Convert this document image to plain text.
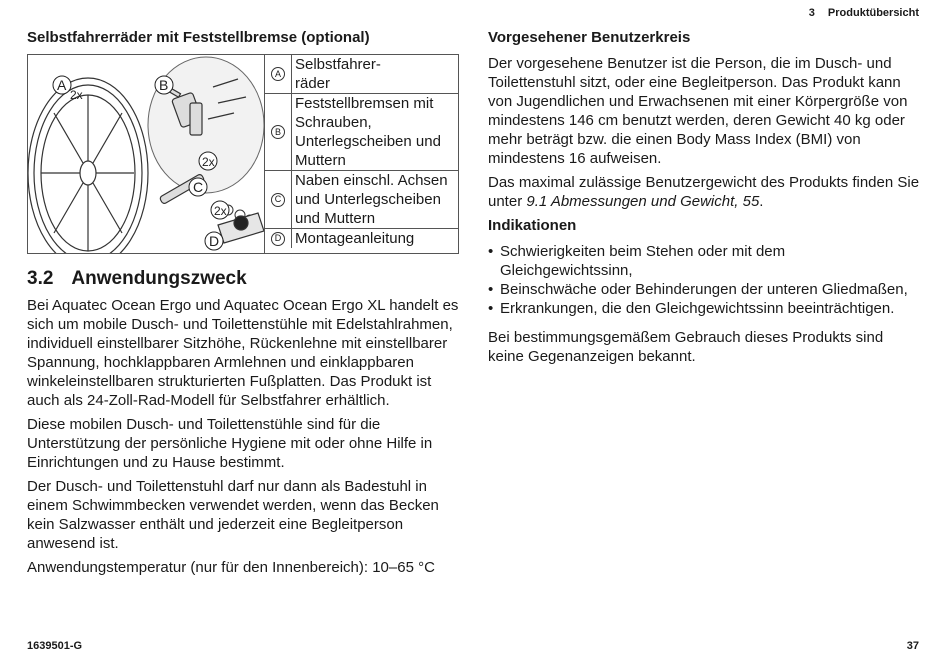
3 Produktübersicht
Selbstfahrerräder mit Feststellbremse (optional)
A
2x
B
2x
C
2x
D
A
Selbstfahrer-
räder
B
Feststellbremsen mit Schrauben, Unterlegscheiben und Muttern
C
Naben einschl. Achsen und Unterlegscheiben und Muttern
D Montageanleitung
3.2 Anwendungszweck

Bei Aquatec Ocean Ergo und Aquatec Ocean Ergo XL handelt es sich um mobile Dusch- und Toilettenstühle mit Edelstahlrahmen, individuell einstellbarer Sitzhöhe, Rückenlehne mit einstellbarer Spannung, hochklappbaren Armlehnen und einklappbaren winkeleinstellbaren strukturierten Fußplatten. Das Produkt ist auch als 24-Zoll-Rad-Modell für Selbstfahrer erhältlich.

Diese mobilen Dusch- und Toilettenstühle sind für die Unterstützung der persönliche Hygiene mit oder ohne Hilfe in Einrichtungen und zu Hause bestimmt.

Der Dusch- und Toilettenstuhl darf nur dann als Badestuhl in einem Schwimmbecken verwendet werden, wenn das Becken kein Salzwasser enthält und jederzeit eine Begleitperson anwesend ist.

Anwendungstemperatur (nur für den Innenbereich): 10–65 °C

Vorgesehener Benutzerkreis

Der vorgesehene Benutzer ist die Person, die im Dusch- und Toilettenstuhl sitzt, oder eine Begleitperson. Das Produkt kann von Jugendlichen und Erwachsenen mit einer Körpergröße von mindestens 146 cm benutzt werden, deren Gewicht 40 kg oder mehr beträgt bzw. die einen Body Mass Index (BMI) von mindestens 16 aufweisen.

Das maximal zulässige Benutzergewicht des Produkts finden Sie unter 9.1 Abmessungen und Gewicht, 55.

Indikationen
• Schwierigkeiten beim Stehen oder mit dem Gleichgewichtssinn,
• Beinschwäche oder Behinderungen der unteren Gliedmaßen,
• Erkrankungen, die den Gleichgewichtssinn beeinträchtigen.

Bei bestimmungsgemäßem Gebrauch dieses Produkts sind keine Gegenanzeigen bekannt.

1639501-G	37
